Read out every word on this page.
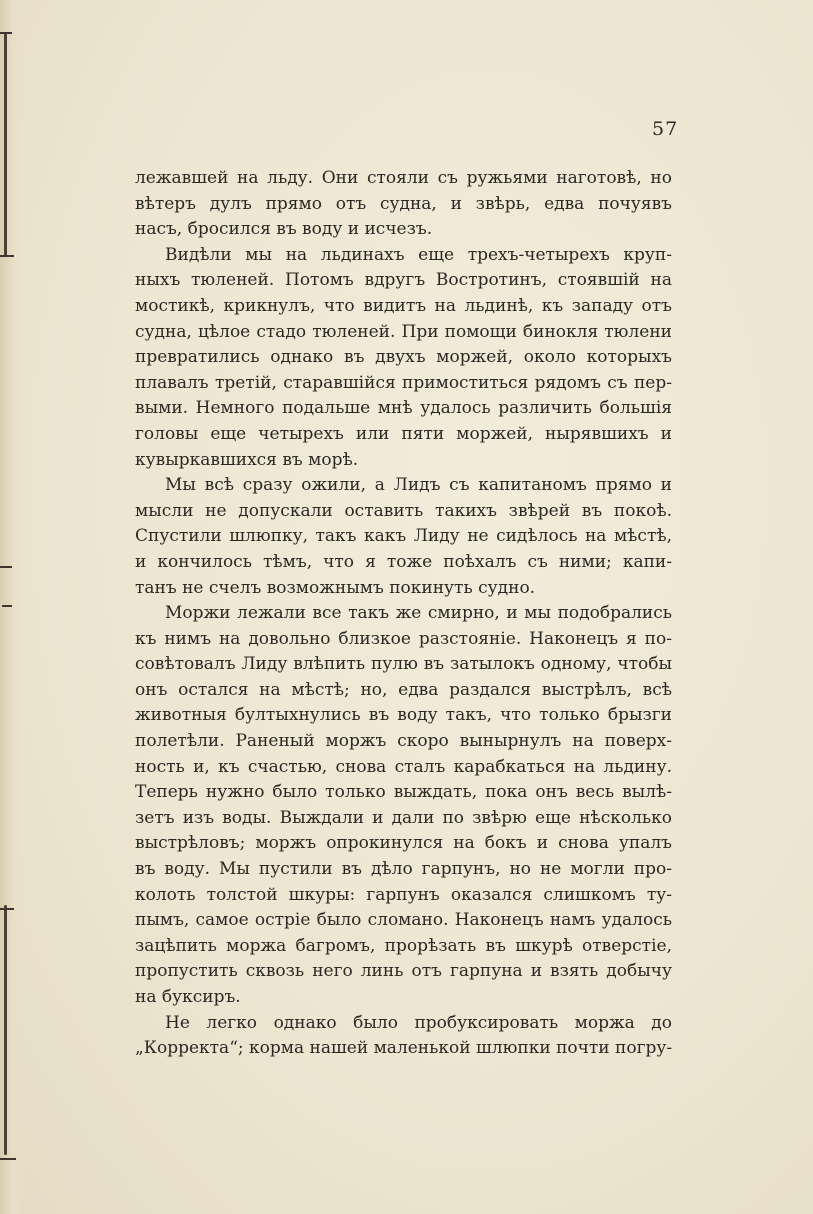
57
лежавшей на льду. Они стояли съ ружьями наготовѣ, но
вѣтеръ дулъ прямо отъ судна, и звѣрь, едва почуявъ
насъ, бросился въ воду и исчезъ.
Видѣли мы на льдинахъ еще трехъ-четырехъ круп-
ныхъ тюленей. Потомъ вдругъ Востротинъ, стоявшій на
мостикѣ, крикнулъ, что видитъ на льдинѣ, къ западу отъ
судна, цѣлое стадо тюленей. При помощи бинокля тюлени
превратились однако въ двухъ моржей, около которыхъ
плавалъ третій, старавшійся примоститься рядомъ съ пер-
выми. Немного подальше мнѣ удалось различить большія
головы еще четырехъ или пяти моржей, нырявшихъ и
кувыркавшихся въ морѣ.
Мы всѣ сразу ожили, а Лидъ съ капитаномъ прямо и
мысли не допускали оставить такихъ звѣрей въ покоѣ.
Спустили шлюпку, такъ какъ Лиду не сидѣлось на мѣстѣ,
и кончилось тѣмъ, что я тоже поѣхалъ съ ними; капи-
танъ не счелъ возможнымъ покинуть судно.
Моржи лежали все такъ же смирно, и мы подобрались
къ нимъ на довольно близкое разстояніе. Наконецъ я по-
совѣтовалъ Лиду влѣпить пулю въ затылокъ одному, чтобы
онъ остался на мѣстѣ; но, едва раздался выстрѣлъ, всѣ
животныя бултыхнулись въ воду такъ, что только брызги
полетѣли. Раненый моржъ скоро вынырнулъ на поверх-
ность и, къ счастью, снова сталъ карабкаться на льдину.
Теперь нужно было только выждать, пока онъ весь вылѣ-
зетъ изъ воды. Выждали и дали по звѣрю еще нѣсколько
выстрѣловъ; моржъ опрокинулся на бокъ и снова упалъ
въ воду. Мы пустили въ дѣло гарпунъ, но не могли про-
колоть толстой шкуры: гарпунъ оказался слишкомъ ту-
пымъ, самое остріе было сломано. Наконецъ намъ удалось
зацѣпить моржа багромъ, прорѣзать въ шкурѣ отверстіе,
пропустить сквозь него линь отъ гарпуна и взять добычу
на буксиръ.
Не легко однако было пробуксировать моржа до
„Корректа“; корма нашей маленькой шлюпки почти погру-
